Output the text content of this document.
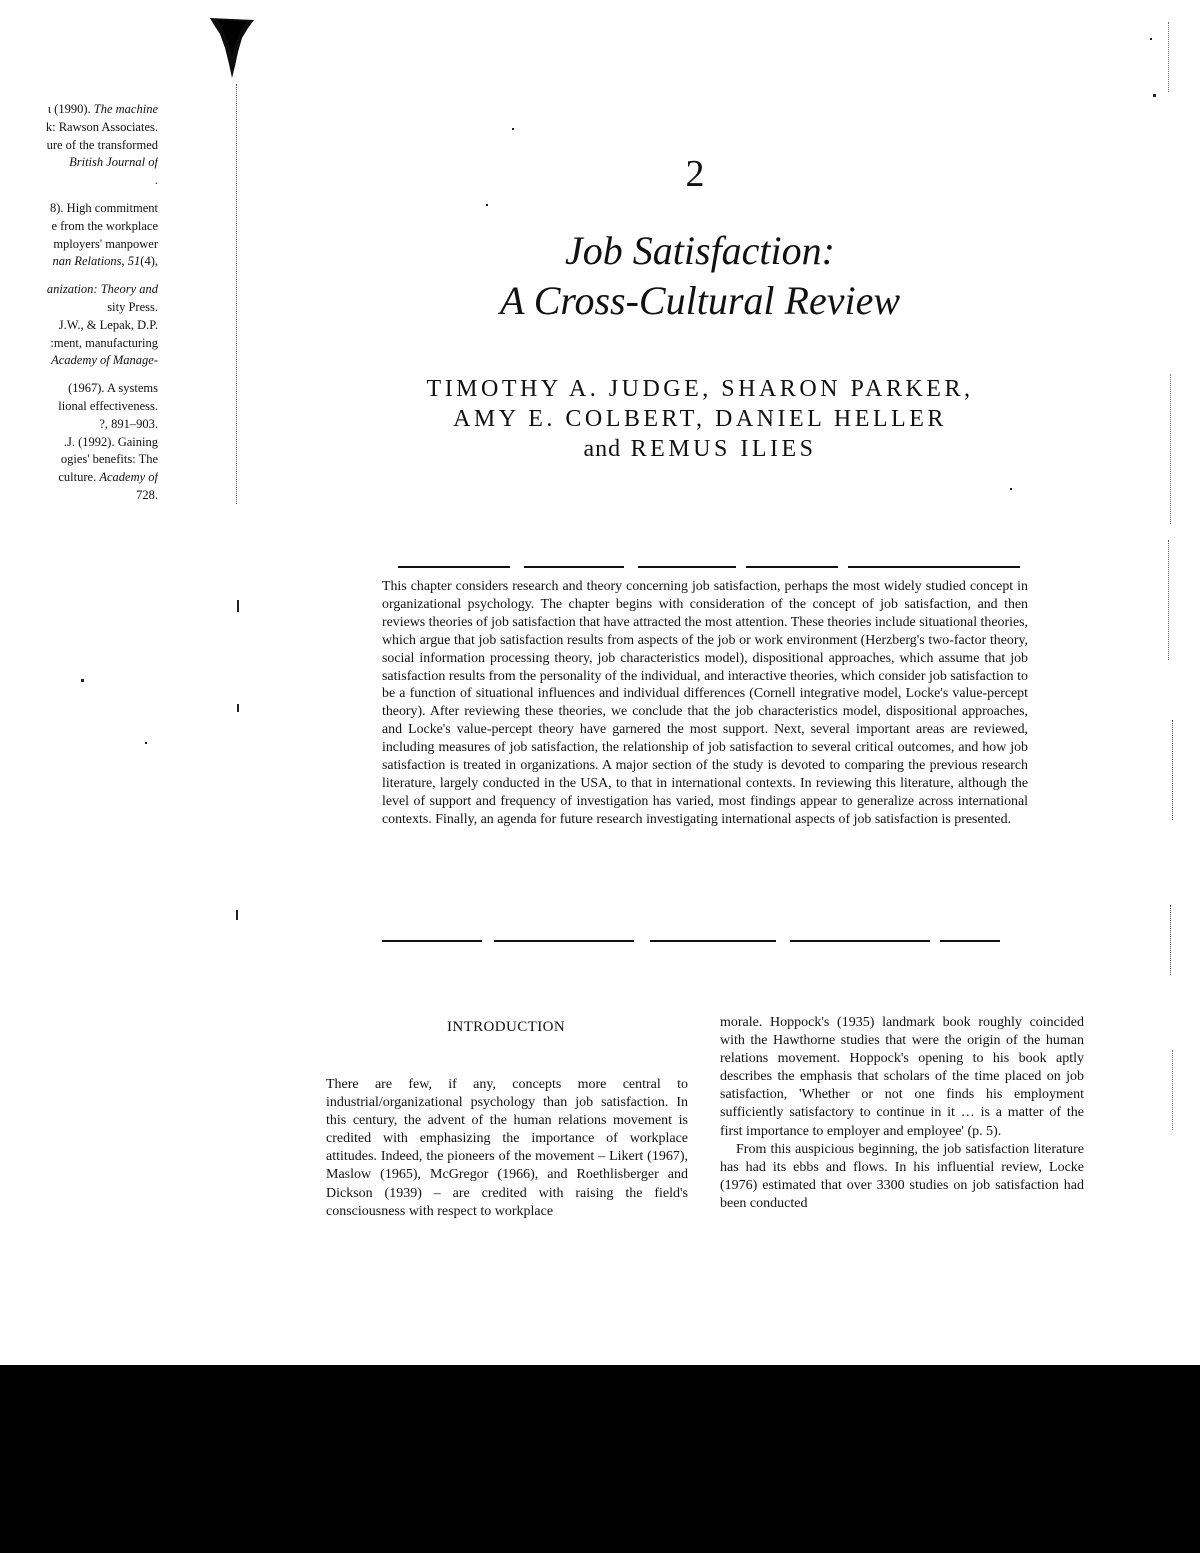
ι (1990). The machine
k: Rawson Associates.
ure of the transformed
British Journal of
.
8). High commitment
e from the workplace
mployers' manpower
nan Relations, 51(4),
anization: Theory and
sity Press.
J.W., & Lepak, D.P.
:ment, manufacturing
Academy of Manage-
(1967). A systems
lional effectiveness.
?, 891–903.
.J. (1992). Gaining
ogies' benefits: The
culture. Academy of
728.
2
Job Satisfaction:
A Cross-Cultural Review
TIMOTHY A. JUDGE, SHARON PARKER,
AMY E. COLBERT, DANIEL HELLER
and REMUS ILIES
This chapter considers research and theory concerning job satisfaction, perhaps the most widely studied concept in organizational psychology. The chapter begins with consideration of the concept of job satisfaction, and then reviews theories of job satisfaction that have attracted the most attention. These theories include situational theories, which argue that job satisfaction results from aspects of the job or work environment (Herzberg's two-factor theory, social information processing theory, job characteristics model), dispositional approaches, which assume that job satisfaction results from the personality of the individual, and interactive theories, which consider job satisfaction to be a function of situational influences and individual differences (Cornell integrative model, Locke's value-percept theory). After reviewing these theories, we conclude that the job characteristics model, dispositional approaches, and Locke's value-percept theory have garnered the most support. Next, several important areas are reviewed, including measures of job satisfaction, the relationship of job satisfaction to several critical outcomes, and how job satisfaction is treated in organizations. A major section of the study is devoted to comparing the previous research literature, largely conducted in the USA, to that in international contexts. In reviewing this literature, although the level of support and frequency of investigation has varied, most findings appear to generalize across international contexts. Finally, an agenda for future research investigating international aspects of job satisfaction is presented.
INTRODUCTION

There are few, if any, concepts more central to industrial/organizational psychology than job satisfaction. In this century, the advent of the human relations movement is credited with emphasizing the importance of workplace attitudes. Indeed, the pioneers of the movement – Likert (1967), Maslow (1965), McGregor (1966), and Roethlisberger and Dickson (1939) – are credited with raising the field's consciousness with respect to workplace

morale. Hoppock's (1935) landmark book roughly coincided with the Hawthorne studies that were the origin of the human relations movement. Hoppock's opening to his book aptly describes the emphasis that scholars of the time placed on job satisfaction, 'Whether or not one finds his employment sufficiently satisfactory to continue in it … is a matter of the first importance to employer and employee' (p. 5).

From this auspicious beginning, the job satisfaction literature has had its ebbs and flows. In his influential review, Locke (1976) estimated that over 3300 studies on job satisfaction had been conducted
